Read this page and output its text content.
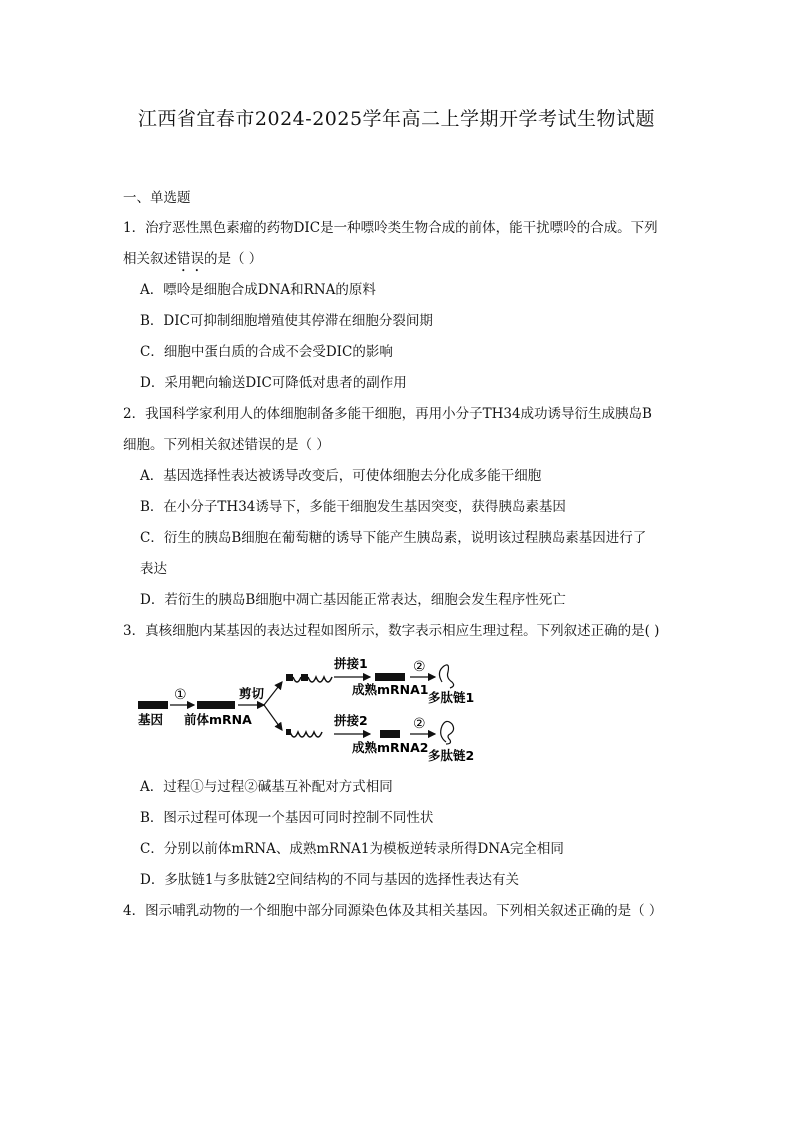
江西省宜春市2024-2025学年高二上学期开学考试生物试题
一、单选题
1．治疗恶性黑色素瘤的药物DIC是一种嘌呤类生物合成的前体，能干扰嘌呤的合成。下列
相关叙述错误的是（ ）
A．嘌呤是细胞合成DNA和RNA的原料
B．DIC可抑制细胞增殖使其停滞在细胞分裂间期
C．细胞中蛋白质的合成不会受DIC的影响
D．采用靶向输送DIC可降低对患者的副作用
2．我国科学家利用人的体细胞制备多能干细胞，再用小分子TH34成功诱导衍生成胰岛B
细胞。下列相关叙述错误的是（ ）
A．基因选择性表达被诱导改变后，可使体细胞去分化成多能干细胞
B．在小分子TH34诱导下，多能干细胞发生基因突变，获得胰岛素基因
C．衍生的胰岛B细胞在葡萄糖的诱导下能产生胰岛素，说明该过程胰岛素基因进行了
表达
D．若衍生的胰岛B细胞中凋亡基因能正常表达，细胞会发生程序性死亡
3．真核细胞内某基因的表达过程如图所示，数字表示相应生理过程。下列叙述正确的是( )
基因
①
前体mRNA
剪切
拼接1
成熟mRNA1
②
多肽链1
拼接2
成熟mRNA2
②
多肽链2
A．过程①与过程②碱基互补配对方式相同
B．图示过程可体现一个基因可同时控制不同性状
C．分别以前体mRNA、成熟mRNA1为模板逆转录所得DNA完全相同
D．多肽链1与多肽链2空间结构的不同与基因的选择性表达有关
4．图示哺乳动物的一个细胞中部分同源染色体及其相关基因。下列相关叙述正确的是（ ）
